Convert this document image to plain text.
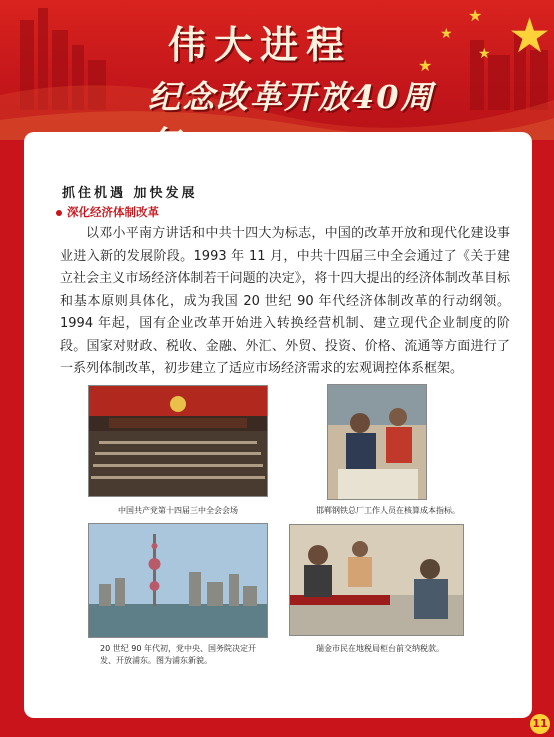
★
★
★
★
★
伟大进程
纪念改革开放40周
抓住机遇 加快发展
深化经济体制改革

以邓小平南方讲话和中共十四大为标志，中国的改革开放和现代化建设事业进入新的发展阶段。1993 年 11 月，中共十四届三中全会通过了《关于建立社会主义市场经济体制若干问题的决定》，将十四大提出的经济体制改革目标和基本原则具体化，成为我国 20 世纪 90 年代经济体制改革的行动纲领。1994 年起，国有企业改革开始进入转换经营机制、建立现代企业制度的阶段。国家对财政、税收、金融、外汇、外贸、投资、价格、流通等方面进行了一系列体制改革，初步建立了适应市场经济需求的宏观调控体系框架。

中国共产党第十四届三中全会会场	邯郸钢铁总厂工作人员在核算成本指标。
20 世纪 90 年代初，党中央、国务院决定开发、开放浦东。图为浦东新貌。
瑞金市民在地税局柜台前交纳税款。
11
